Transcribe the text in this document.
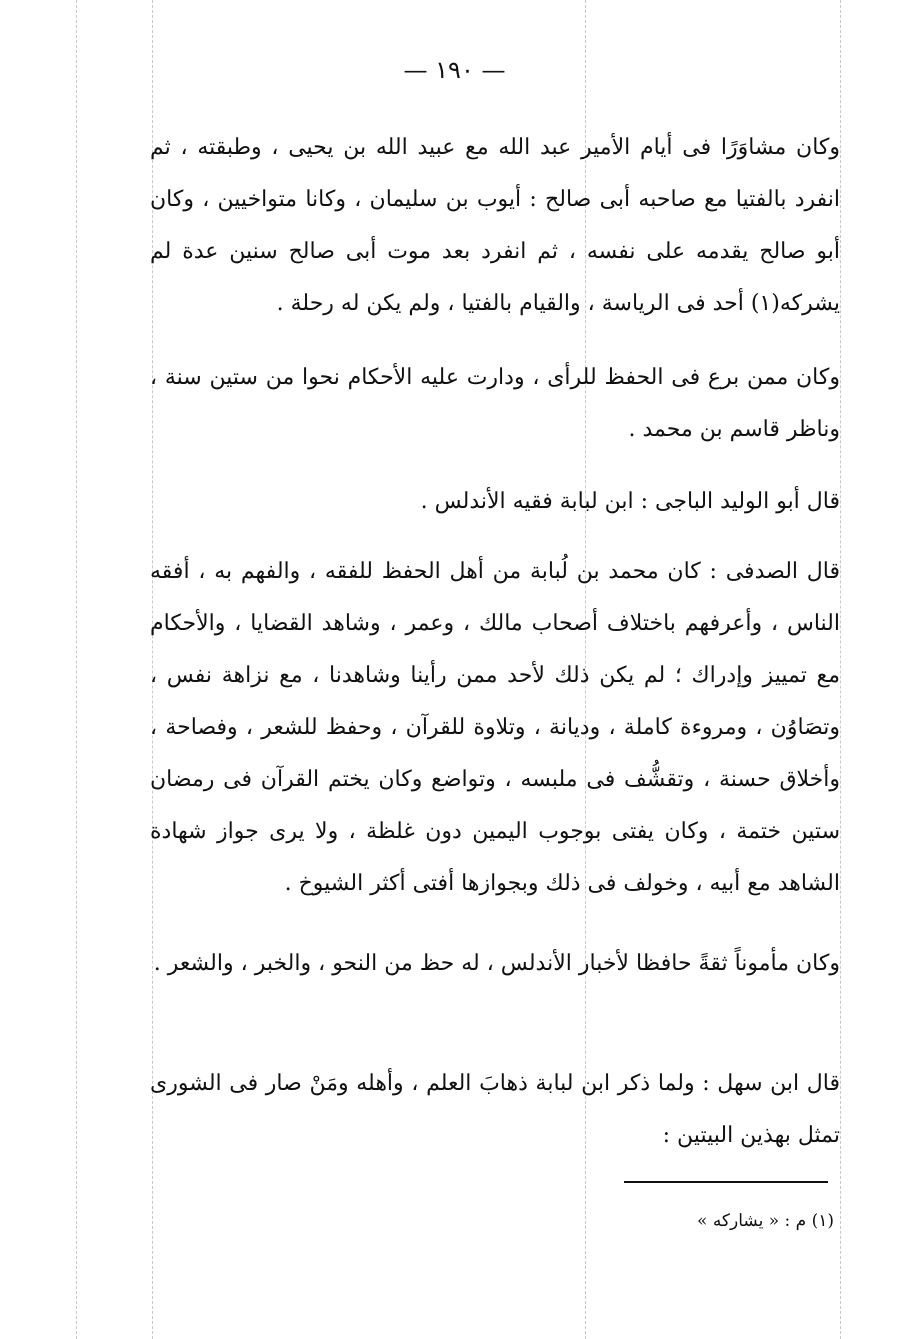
— ١٩٠ —

وكان مشاوَرًا فى أيام الأمير عبد الله مع عبيد الله بن يحيى ، وطبقته ، ثم انفرد بالفتيا مع صاحبه أبى صالح : أيوب بن سليمان ، وكانا متواخيين ، وكان أبو صالح يقدمه على نفسه ، ثم انفرد بعد موت أبى صالح سنين عدة لم يشركه(١) أحد فى الرياسة ، والقيام بالفتيا ، ولم يكن له رحلة .

وكان ممن برع فى الحفظ للرأى ، ودارت عليه الأحكام نحوا من ستين سنة ، وناظر قاسم بن محمد .

قال أبو الوليد الباجى : ابن لبابة فقيه الأندلس .

قال الصدفى : كان محمد بن لُبابة من أهل الحفظ للفقه ، والفهم به ، أفقه الناس ، وأعرفهم باختلاف أصحاب مالك ، وعمر ، وشاهد القضايا ، والأحكام مع تمييز وإدراك ؛ لم يكن ذلك لأحد ممن رأينا وشاهدنا ، مع نزاهة نفس ، وتصَاوُن ، ومروءة كاملة ، وديانة ، وتلاوة للقرآن ، وحفظ للشعر ، وفصاحة ، وأخلاق حسنة ، وتقشُّف فى ملبسه ، وتواضع وكان يختم القرآن فى رمضان ستين ختمة ، وكان يفتى بوجوب اليمين دون غلظة ، ولا يرى جواز شهادة الشاهد مع أبيه ، وخولف فى ذلك وبجوازها أفتى أكثر الشيوخ .

وكان مأموناً ثقةً حافظا لأخبار الأندلس ، له حظ من النحو ، والخبر ، والشعر .

قال ابن سهل : ولما ذكر ابن لبابة ذهابَ العلم ، وأهله ومَنْ صار فى الشورى تمثل بهذين البيتين :

(١) م : « يشاركه »
